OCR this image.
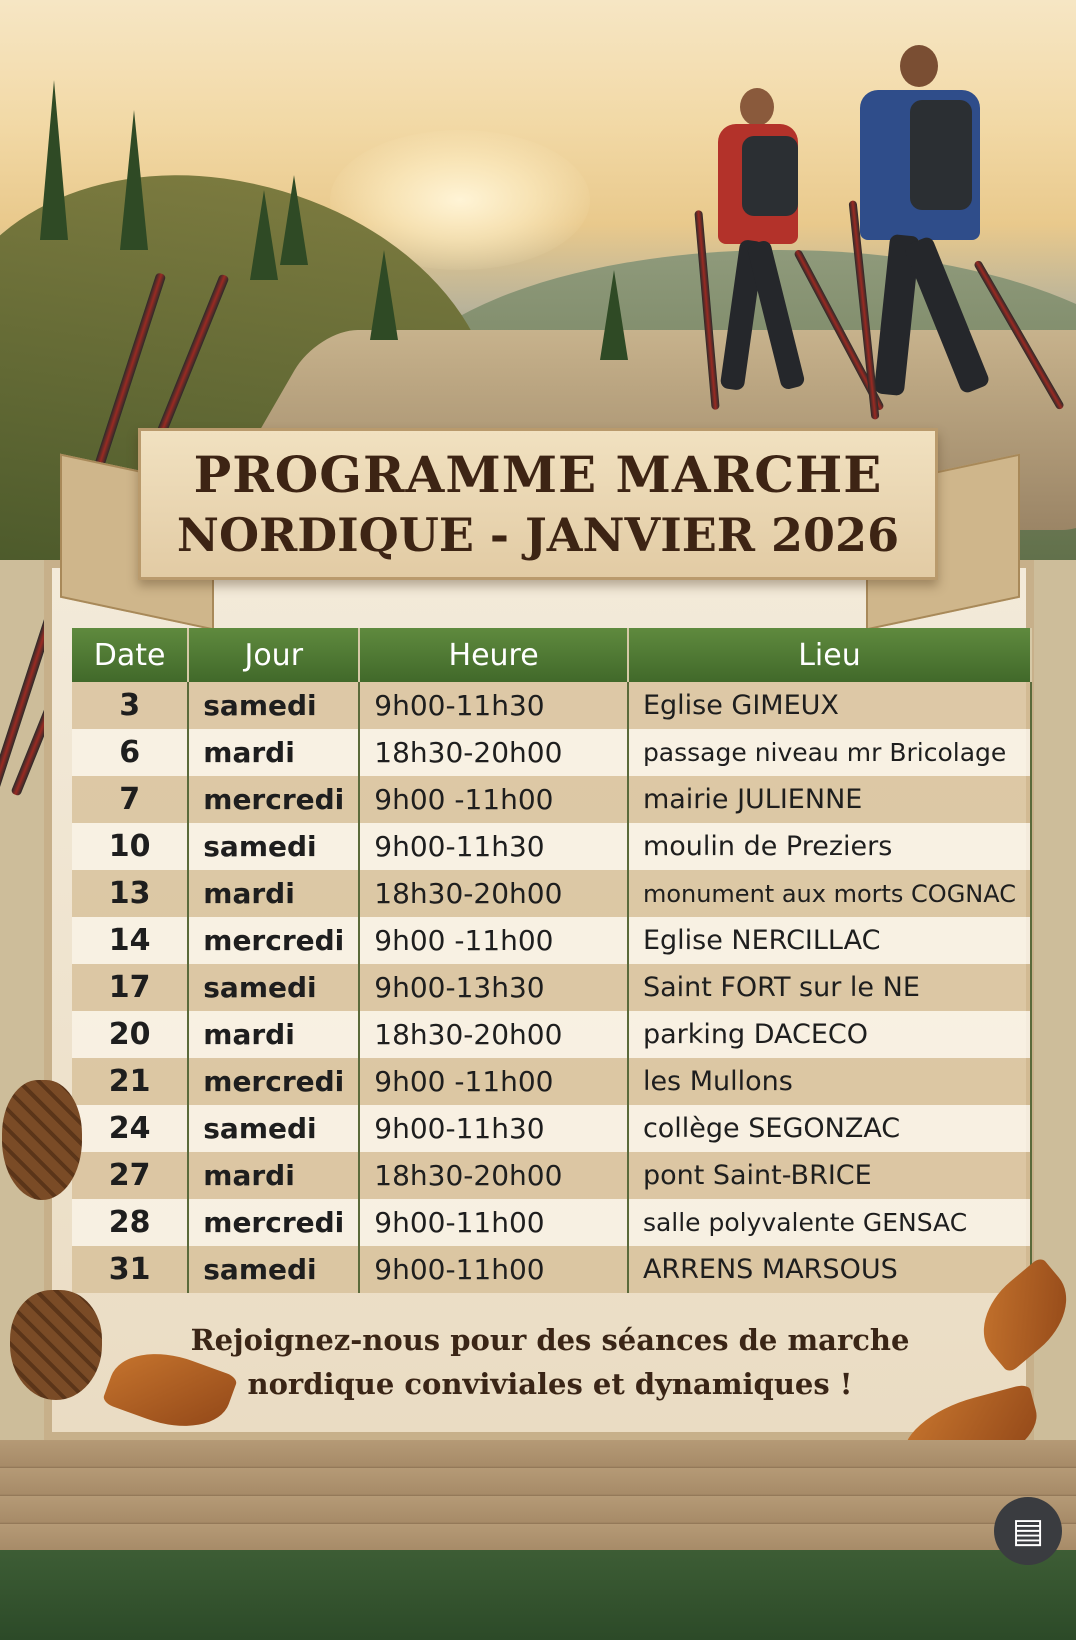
PROGRAMME MARCHE
NORDIQUE - JANVIER 2026
Date	Jour	Heure	Lieu
3	samedi	9h00-11h30	Eglise GIMEUX
6	mardi	18h30-20h00	passage niveau mr Bricolage
7	mercredi	9h00 -11h00	mairie JULIENNE
10	samedi	9h00-11h30	moulin de Preziers
13	mardi	18h30-20h00	monument aux morts COGNAC
14	mercredi	9h00 -11h00	Eglise NERCILLAC
17	samedi	9h00-13h30	Saint FORT sur le NE
20	mardi	18h30-20h00	parking DACECO
21	mercredi	9h00 -11h00	les Mullons
24	samedi	9h00-11h30	collège SEGONZAC
27	mardi	18h30-20h00	pont Saint-BRICE
28	mercredi	9h00-11h00	salle polyvalente GENSAC
31	samedi	9h00-11h00	ARRENS MARSOUS
Rejoignez-nous pour des séances de marche
nordique conviviales et dynamiques !
▤
